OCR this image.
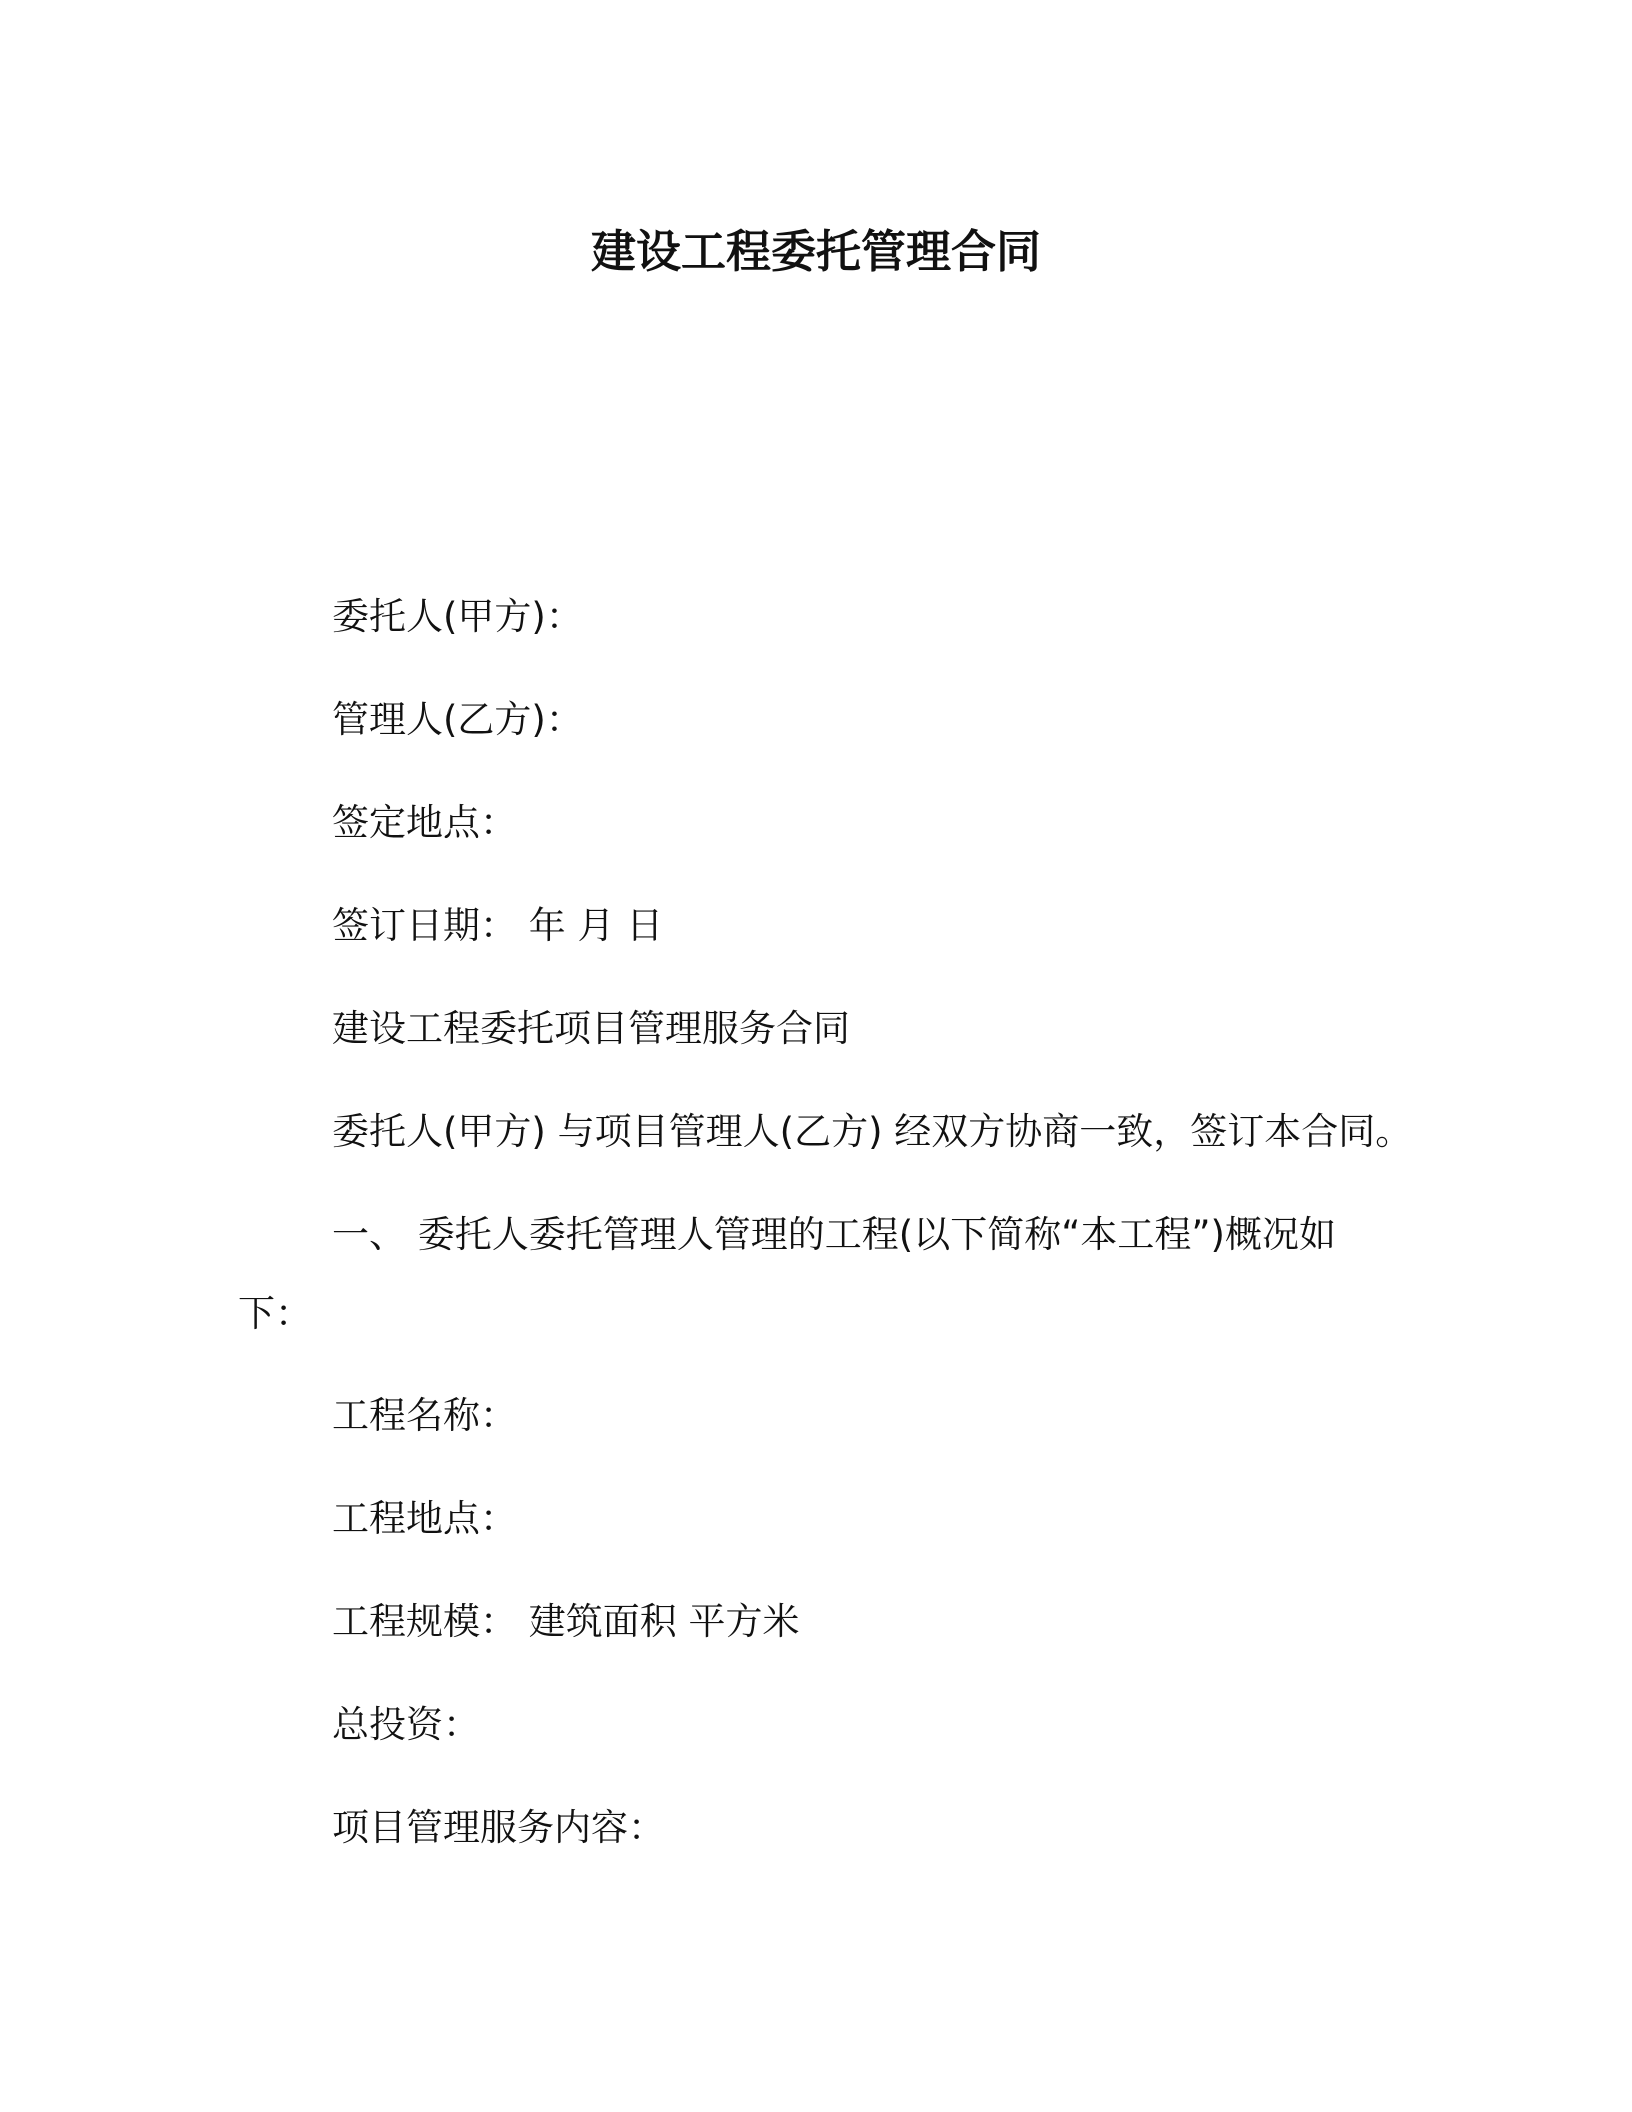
建设工程委托管理合同
委托人(甲方)：
管理人(乙方)：
签定地点：
签订日期： 年 月 日
建设工程委托项目管理服务合同
委托人(甲方) 与项目管理人(乙方) 经双方协商一致，签订本合同。
一、 委托人委托管理人管理的工程(以下简称“本工程”)概况如
下：
工程名称：
工程地点：
工程规模： 建筑面积 平方米
总投资：
项目管理服务内容：
